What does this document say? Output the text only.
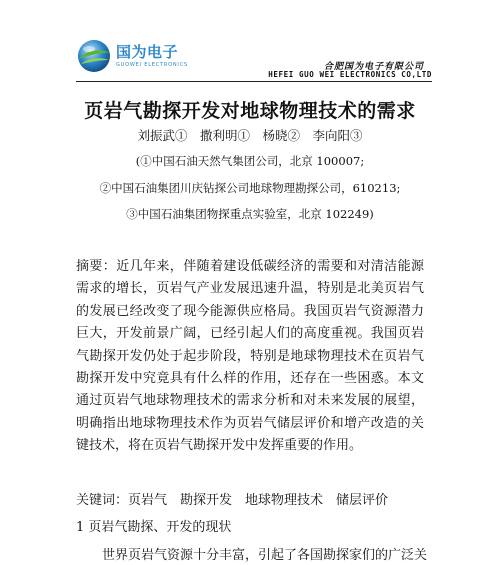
国为电子
GUOWEI ELECTRONICS	合肥国为电子有限公司
HEFEI GUO WEI ELECTRONICS CO,LTD
页岩气勘探开发对地球物理技术的需求
刘振武①　撒利明①　杨晓②　李向阳③
(①中国石油天然气集团公司，北京 100007;
②中国石油集团川庆钻探公司地球物理勘探公司，610213;
③中国石油集团物探重点实验室，北京 102249)

摘要：近几年来，伴随着建设低碳经济的需要和对清洁能源需求的增长，页岩气产业发展迅速升温，特别是北美页岩气的发展已经改变了现今能源供应格局。我国页岩气资源潜力巨大，开发前景广阔，已经引起人们的高度重视。我国页岩气勘探开发仍处于起步阶段，特别是地球物理技术在页岩气勘探开发中究竟具有什么样的作用，还存在一些困惑。本文通过页岩气地球物理技术的需求分析和对未来发展的展望，明确指出地球物理技术作为页岩气储层评价和增产改造的关键技术，将在页岩气勘探开发中发挥重要的作用。

关键词：页岩气　勘探开发　地球物理技术　储层评价
1 页岩气勘探、开发的现状
世界页岩气资源十分丰富，引起了各国勘探家们的广泛关
